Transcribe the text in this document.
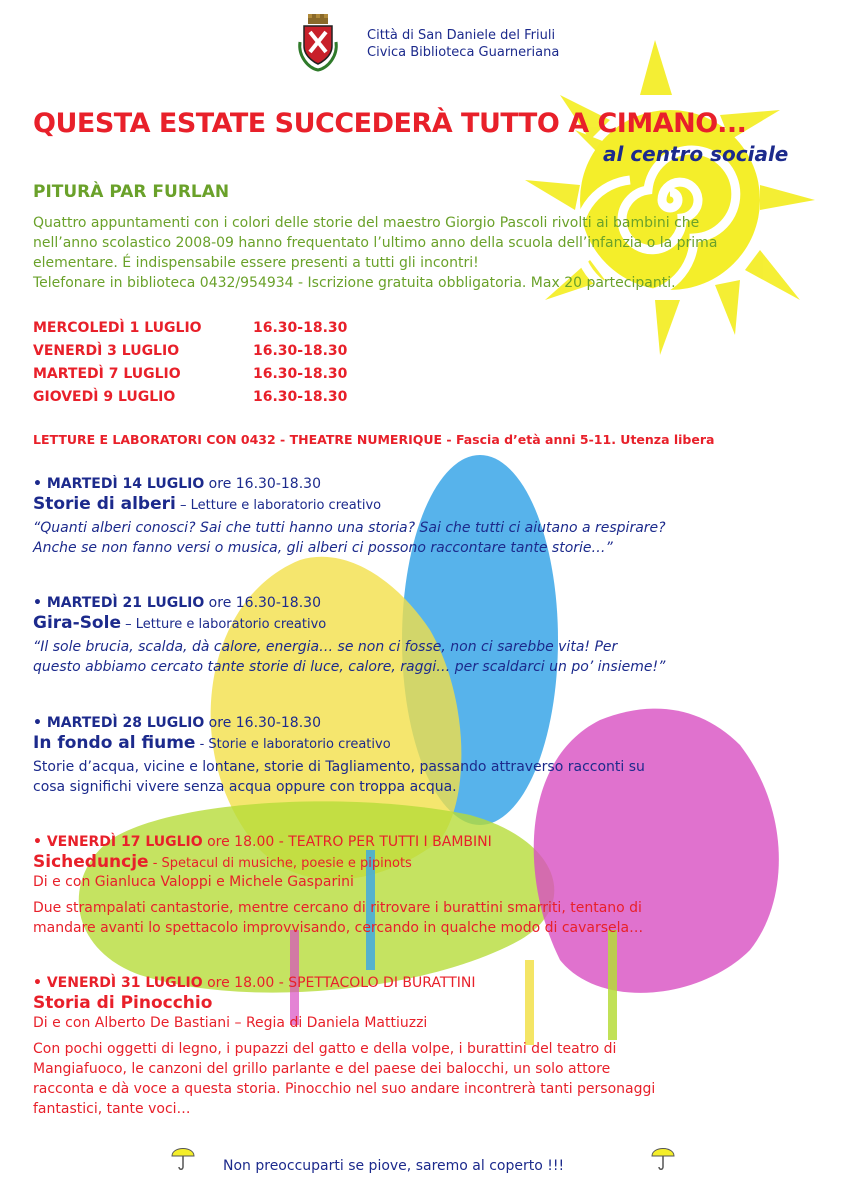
Città di San Daniele del Friuli
Civica Biblioteca Guarneriana
QUESTA ESTATE SUCCEDERÀ TUTTO A CIMANO...
al centro sociale
PITURÀ PAR FURLAN
Quattro appuntamenti con i colori delle storie del maestro Giorgio Pascoli rivolti ai bambini che
nell’anno scolastico 2008-09 hanno frequentato l’ultimo anno della scuola dell’infanzia o la prima
elementare. É indispensabile essere presenti a tutti gli incontri!
Telefonare in biblioteca 0432/954934 - Iscrizione gratuita obbligatoria. Max 20 partecipanti.
MERCOLEDÌ 1 LUGLIO	16.30-18.30
VENERDÌ 3 LUGLIO	16.30-18.30
MARTEDÌ 7 LUGLIO	16.30-18.30
GIOVEDÌ 9 LUGLIO	16.30-18.30
LETTURE E LABORATORI CON 0432 - THEATRE NUMERIQUE - Fascia d’età anni 5-11. Utenza libera
• MARTEDÌ 14 LUGLIO ore 16.30-18.30
Storie di alberi – Letture e laboratorio creativo
“Quanti alberi conosci? Sai che tutti hanno una storia? Sai che tutti ci aiutano a respirare?
Anche se non fanno versi o musica, gli alberi ci possono raccontare tante storie…”
• MARTEDÌ 21 LUGLIO ore 16.30-18.30
Gira-Sole – Letture e laboratorio creativo
“Il sole brucia, scalda, dà calore, energia… se non ci fosse, non ci sarebbe vita! Per
questo abbiamo cercato tante storie di luce, calore, raggi… per scaldarci un po’ insieme!”
• MARTEDÌ 28 LUGLIO ore 16.30-18.30
In fondo al fiume - Storie e laboratorio creativo
Storie d’acqua, vicine e lontane, storie di Tagliamento, passando attraverso racconti su
cosa significhi vivere senza acqua oppure con troppa acqua.
• VENERDÌ 17 LUGLIO ore 18.00 - TEATRO PER TUTTI I BAMBINI
Sicheduncje - Spetacul di musiche, poesie e pipinots
Di e con Gianluca Valoppi e Michele Gasparini
Due strampalati cantastorie, mentre cercano di ritrovare i burattini smarriti, tentano di
mandare avanti lo spettacolo improvvisando, cercando in qualche modo di cavarsela…
• VENERDÌ 31 LUGLIO ore 18.00 - SPETTACOLO DI BURATTINI
Storia di Pinocchio
Di e con Alberto De Bastiani – Regia di Daniela Mattiuzzi
Con pochi oggetti di legno, i pupazzi del gatto e della volpe, i burattini del teatro di
Mangiafuoco, le canzoni del grillo parlante e del paese dei balocchi, un solo attore
racconta e dà voce a questa storia. Pinocchio nel suo andare incontrerà tanti personaggi
fantastici, tante voci…
Non preoccuparti se piove, saremo al coperto !!!
